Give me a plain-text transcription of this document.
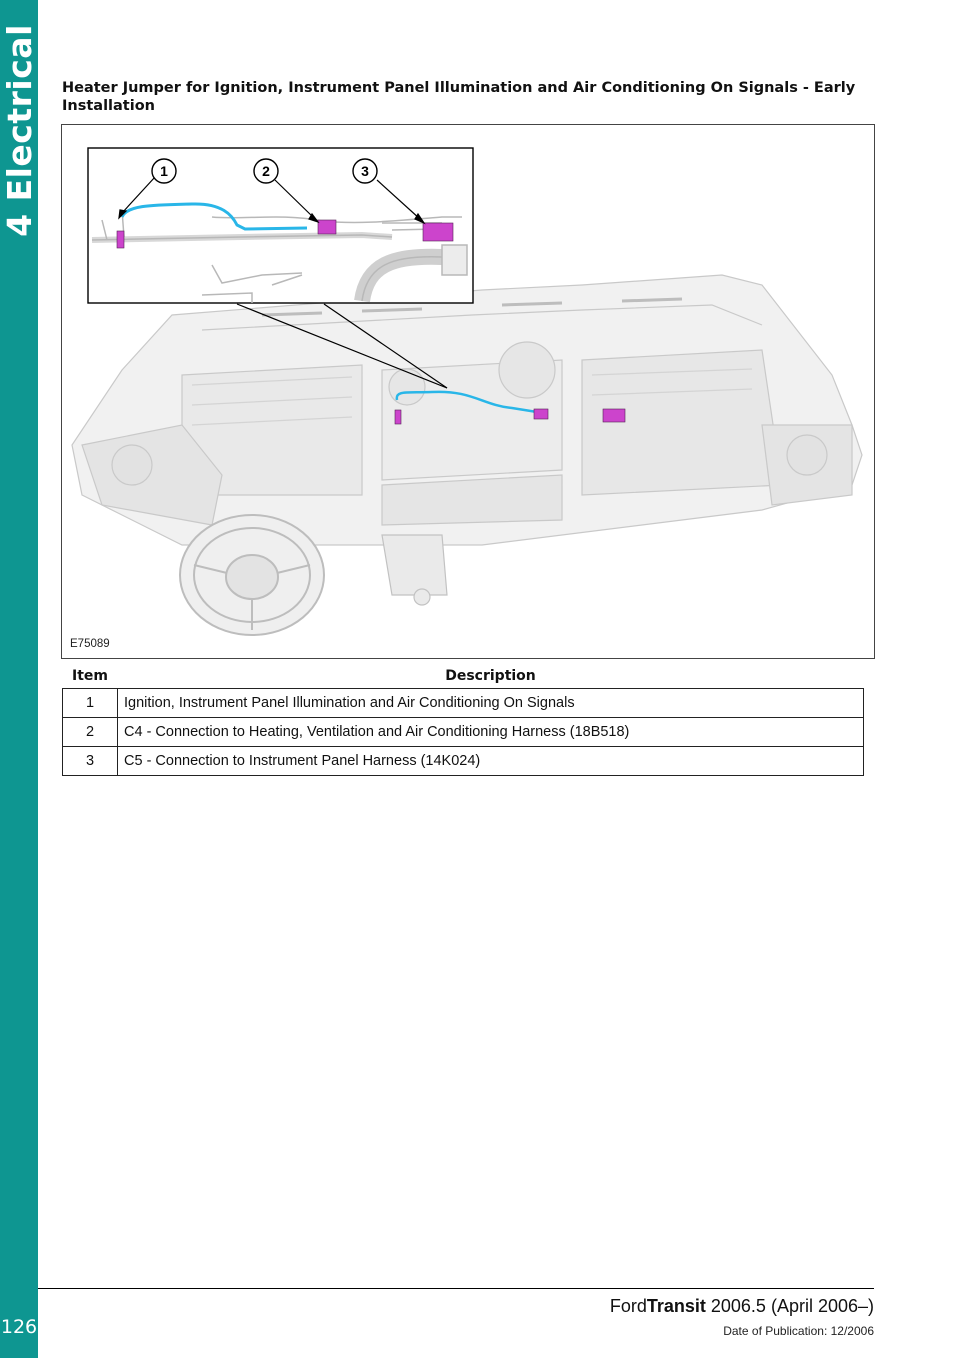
4 Electrical
126
Heater Jumper for Ignition, Instrument Panel Illumination and Air Conditioning On Signals - Early Installation
1	2	3
E75089
Item	Description
1	Ignition, Instrument Panel Illumination and Air Conditioning On Signals
2	C4 - Connection to Heating, Ventilation and Air Conditioning Harness (18B518)
3	C5 - Connection to Instrument Panel Harness (14K024)
FordTransit 2006.5 (April 2006–)
Date of Publication: 12/2006
